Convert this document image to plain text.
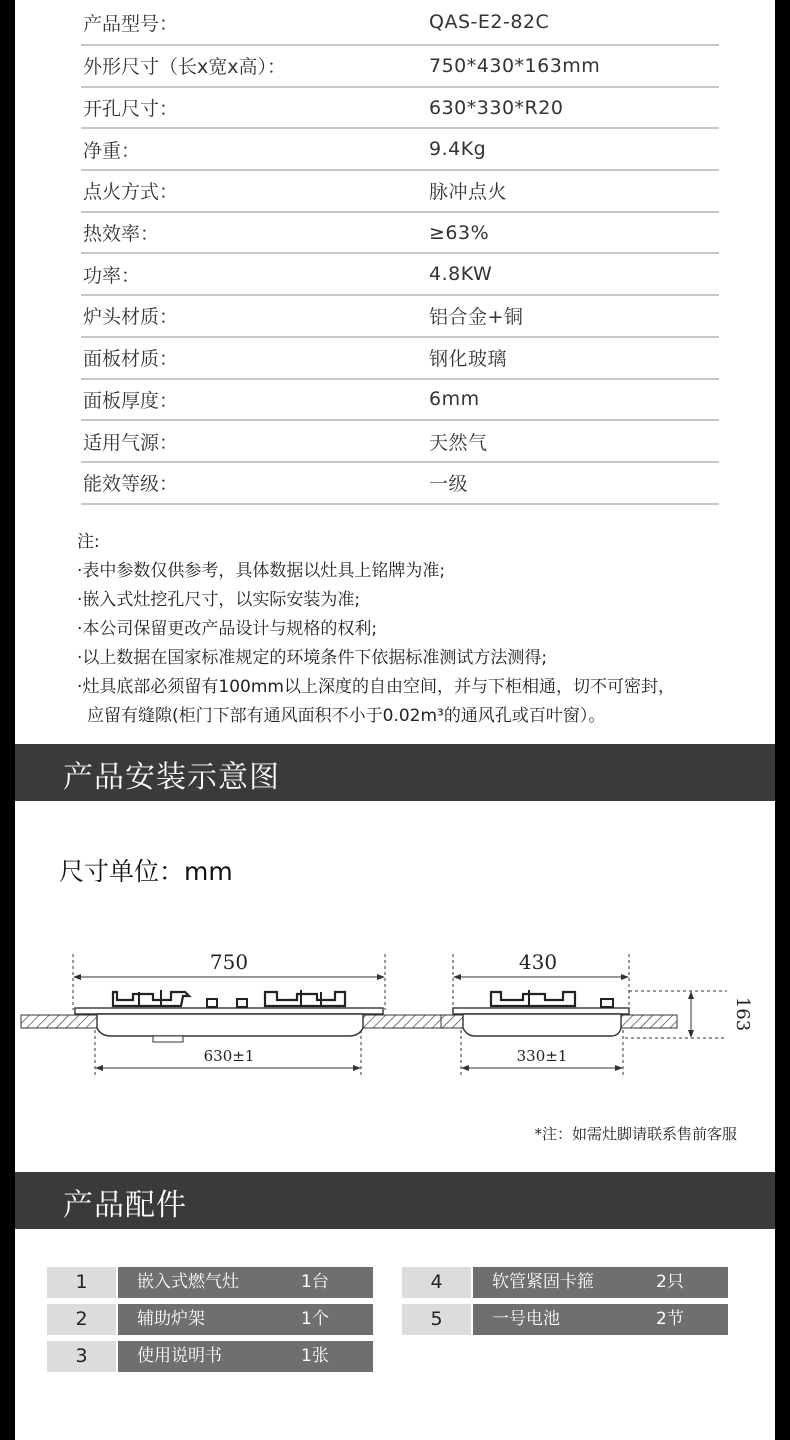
产品型号：	QAS-E2-82C
外形尺寸（长x宽x高）：	750*430*163mm
开孔尺寸：	630*330*R20
净重：	9.4Kg
点火方式：	脉冲点火
热效率：	≥63%
功率：	4.8KW
炉头材质：	铝合金+铜
面板材质：	钢化玻璃
面板厚度：	6mm
适用气源：	天然气
能效等级：	一级
注:
·表中参数仅供参考，具体数据以灶具上铭牌为准;
·嵌入式灶挖孔尺寸，以实际安装为准;
·本公司保留更改产品设计与规格的权利;
·以上数据在国家标准规定的环境条件下依据标准测试方法测得;
·灶具底部必须留有100mm以上深度的自由空间，并与下柜相通，切不可密封，
应留有缝隙(柜门下部有通风面积不小于0.02m³的通风孔或百叶窗）。
产品安装示意图
尺寸单位：mm
750
630±1
430
163
330±1
*注：如需灶脚请联系售前客服
产品配件
1	嵌入式燃气灶	1台
2	辅助炉架	1个
3	使用说明书	1张
4	软管紧固卡箍	2只
5	一号电池	2节
